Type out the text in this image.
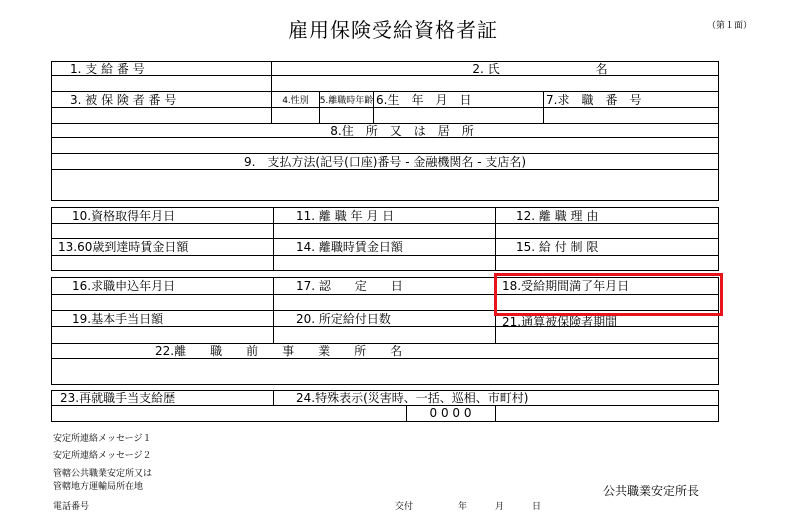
雇用保険受給資格者証	（第１面）
1. 支 給 番 号	2. 氏　　　　　　　　名
3. 被 保 険 者 番 号	4.性別	5.離職時年齢 6.生　年　月　日	7.求　職　番　号
8.住　所　又　は　居　所
9.　支払方法(記号(口座)番号 - 金融機関名 - 支店名)
10.資格取得年月日	11. 離 職 年 月 日	12. 離 職 理 由
13.60歳到達時賃金日額	14. 離職時賃金日額	15. 給 付 制 限
16.求職申込年月日	17. 認　　定　　日	18.受給期間満了年月日
19.基本手当日額	20. 所定給付日数	21.通算被保険者期間
22.離　　職　　前　　事　　業　　所　　名
23.再就職手当支給歴	24.特殊表示(災害時、一括、巡相、市町村)
0 0 0 0
安定所連絡メッセージ１
安定所連絡メッセージ２
管轄公共職業安定所又は
管轄地方運輸局所在地
電話番号	交付	年	月	日
公共職業安定所長
